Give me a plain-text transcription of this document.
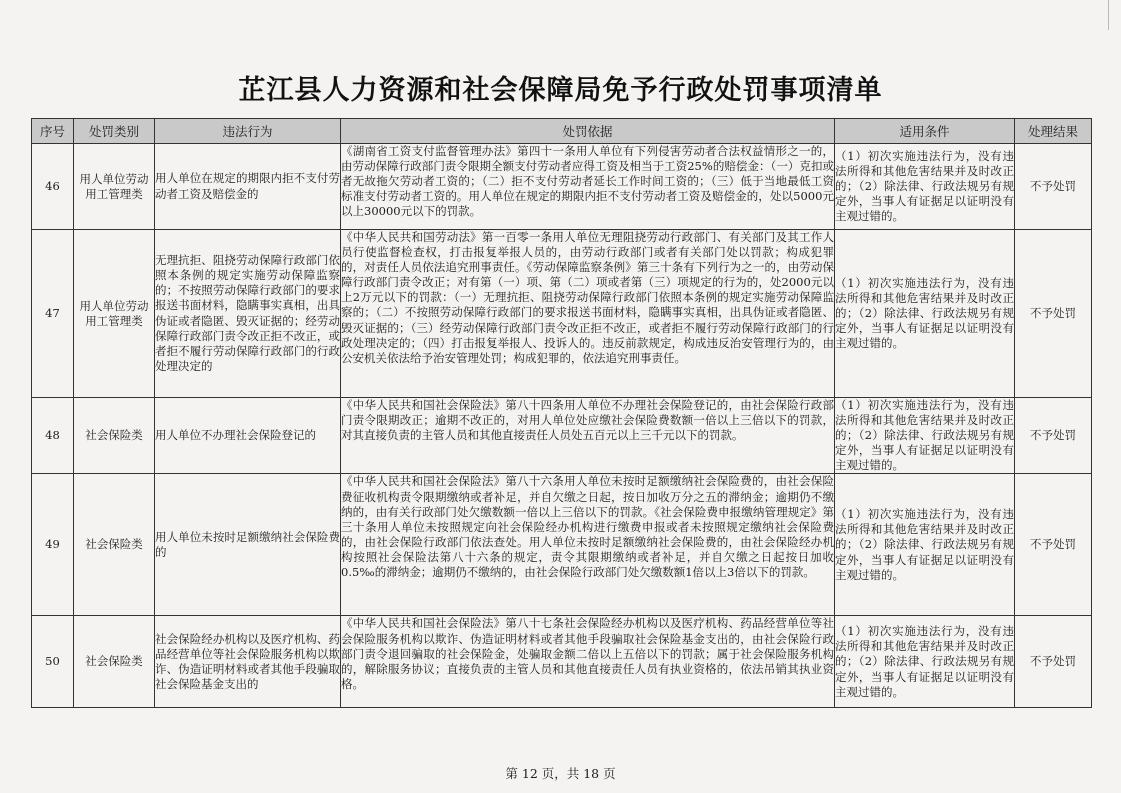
芷江县人力资源和社会保障局免予行政处罚事项清单
序号	处罚类别	违法行为	处罚依据	适用条件	处理结果
46	用人单位劳动用工管理类	用人单位在规定的期限内拒不支付劳动者工资及赔偿金的	《湖南省工资支付监督管理办法》第四十一条用人单位有下列侵害劳动者合法权益情形之一的，由劳动保障行政部门责令限期全额支付劳动者应得工资及相当于工资25%的赔偿金：（一）克扣或者无故拖欠劳动者工资的；（二）拒不支付劳动者延长工作时间工资的；（三）低于当地最低工资标准支付劳动者工资的。用人单位在规定的期限内拒不支付劳动者工资及赔偿金的，处以5000元以上30000元以下的罚款。	（1）初次实施违法行为，没有违法所得和其他危害结果并及时改正的；（2）除法律、行政法规另有规定外，当事人有证据足以证明没有主观过错的。	不予处罚
47	用人单位劳动用工管理类	无理抗拒、阻挠劳动保障行政部门依照本条例的规定实施劳动保障监察的；不按照劳动保障行政部门的要求报送书面材料，隐瞒事实真相，出具伪证或者隐匿、毁灭证据的；经劳动保障行政部门责令改正拒不改正，或者拒不履行劳动保障行政部门的行政处理决定的	《中华人民共和国劳动法》第一百零一条用人单位无理阻挠劳动行政部门、有关部门及其工作人员行使监督检查权，打击报复举报人员的，由劳动行政部门或者有关部门处以罚款；构成犯罪的，对责任人员依法追究刑事责任。《劳动保障监察条例》第三十条有下列行为之一的，由劳动保障行政部门责令改正；对有第（一）项、第（二）项或者第（三）项规定的行为的，处2000元以上2万元以下的罚款：（一）无理抗拒、阻挠劳动保障行政部门依照本条例的规定实施劳动保障监察的；（二）不按照劳动保障行政部门的要求报送书面材料，隐瞒事实真相，出具伪证或者隐匿、毁灭证据的；（三）经劳动保障行政部门责令改正拒不改正，或者拒不履行劳动保障行政部门的行政处理决定的；（四）打击报复举报人、投诉人的。违反前款规定，构成违反治安管理行为的，由公安机关依法给予治安管理处罚；构成犯罪的，依法追究刑事责任。	（1）初次实施违法行为，没有违法所得和其他危害结果并及时改正的；（2）除法律、行政法规另有规定外，当事人有证据足以证明没有主观过错的。	不予处罚
48	社会保险类	用人单位不办理社会保险登记的	《中华人民共和国社会保险法》第八十四条用人单位不办理社会保险登记的，由社会保险行政部门责令限期改正；逾期不改正的，对用人单位处应缴社会保险费数额一倍以上三倍以下的罚款，对其直接负责的主管人员和其他直接责任人员处五百元以上三千元以下的罚款。	（1）初次实施违法行为，没有违法所得和其他危害结果并及时改正的；（2）除法律、行政法规另有规定外，当事人有证据足以证明没有主观过错的。	不予处罚
49	社会保险类	用人单位未按时足额缴纳社会保险费的	《中华人民共和国社会保险法》第八十六条用人单位未按时足额缴纳社会保险费的，由社会保险费征收机构责令限期缴纳或者补足，并自欠缴之日起，按日加收万分之五的滞纳金；逾期仍不缴纳的，由有关行政部门处欠缴数额一倍以上三倍以下的罚款。《社会保险费申报缴纳管理规定》第三十条用人单位未按照规定向社会保险经办机构进行缴费申报或者未按照规定缴纳社会保险费的，由社会保险行政部门依法查处。用人单位未按时足额缴纳社会保险费的，由社会保险经办机构按照社会保险法第八十六条的规定，责令其限期缴纳或者补足，并自欠缴之日起按日加收0.5‰的滞纳金；逾期仍不缴纳的，由社会保险行政部门处欠缴数额1倍以上3倍以下的罚款。	（1）初次实施违法行为，没有违法所得和其他危害结果并及时改正的；（2）除法律、行政法规另有规定外，当事人有证据足以证明没有主观过错的。	不予处罚
50	社会保险类	社会保险经办机构以及医疗机构、药品经营单位等社会保险服务机构以欺诈、伪造证明材料或者其他手段骗取社会保险基金支出的	《中华人民共和国社会保险法》第八十七条社会保险经办机构以及医疗机构、药品经营单位等社会保险服务机构以欺诈、伪造证明材料或者其他手段骗取社会保险基金支出的，由社会保险行政部门责令退回骗取的社会保险金，处骗取金额二倍以上五倍以下的罚款；属于社会保险服务机构的，解除服务协议；直接负责的主管人员和其他直接责任人员有执业资格的，依法吊销其执业资格。	（1）初次实施违法行为，没有违法所得和其他危害结果并及时改正的；（2）除法律、行政法规另有规定外，当事人有证据足以证明没有主观过错的。	不予处罚
第 12 页，共 18 页
